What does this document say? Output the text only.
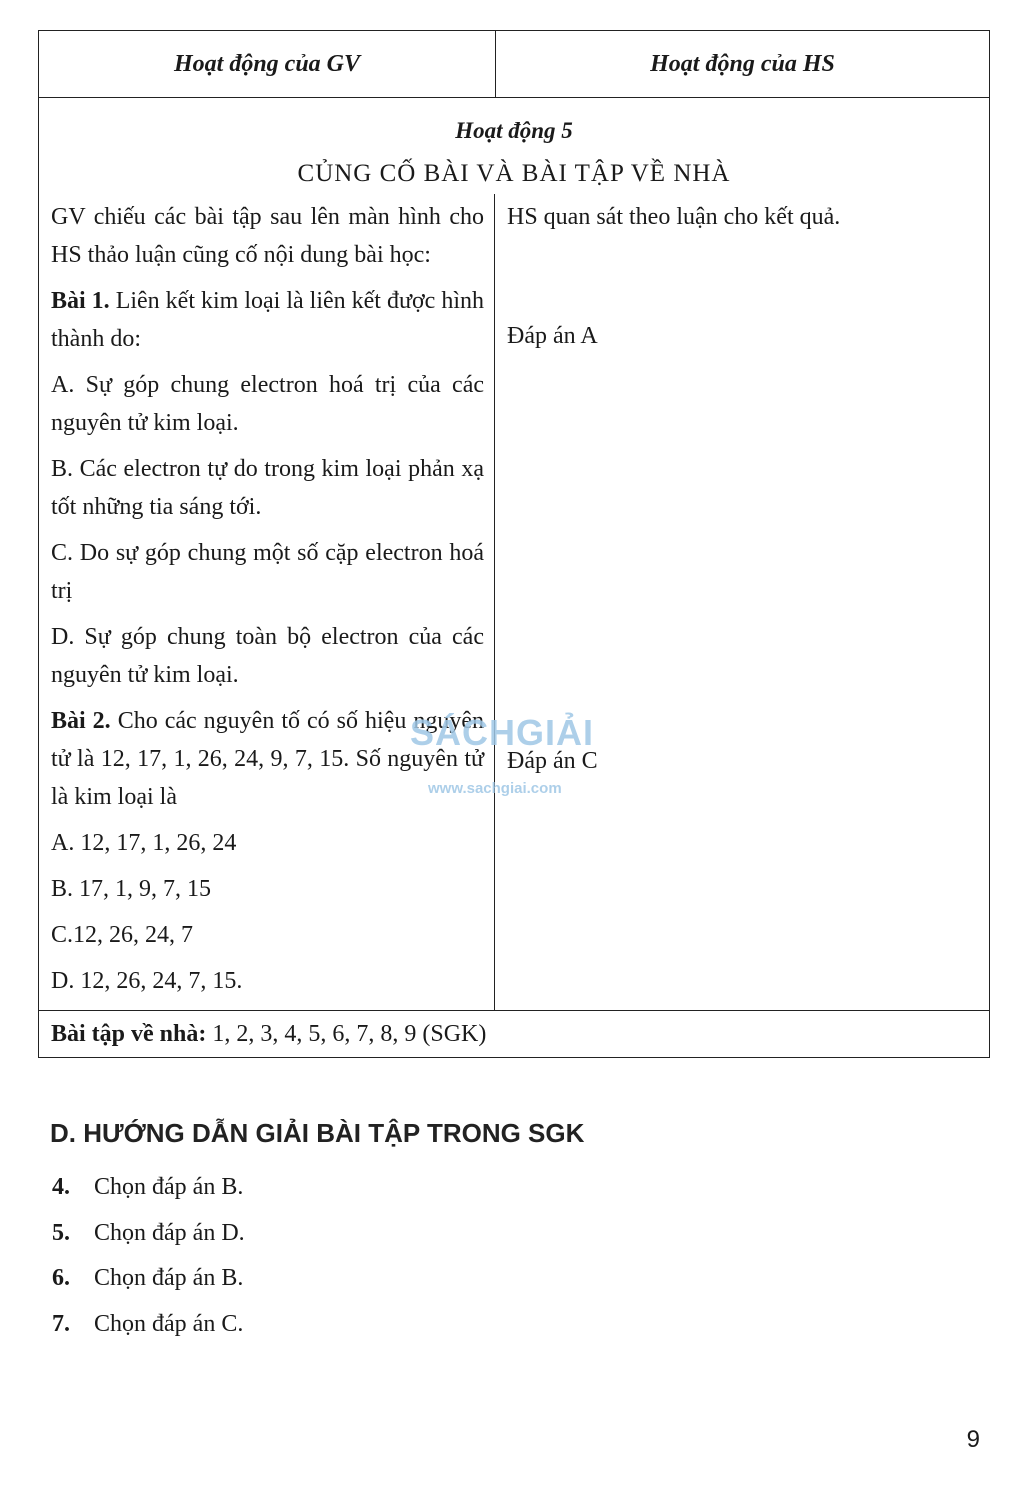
Hoạt động của GV	Hoạt động của HS
Hoạt động 5
CỦNG CỐ BÀI VÀ BÀI TẬP VỀ NHÀ

GV chiếu các bài tập sau lên màn hình cho HS thảo luận cũng cố nội dung bài học:

Bài 1. Liên kết kim loại là liên kết được hình thành do:

A. Sự góp chung electron hoá trị của các nguyên tử kim loại.

B. Các electron tự do trong kim loại phản xạ tốt những tia sáng tới.

C. Do sự góp chung một số cặp electron hoá trị

D. Sự góp chung toàn bộ electron của các nguyên tử kim loại.

Bài 2. Cho các nguyên tố có số hiệu nguyên tử là 12, 17, 1, 26, 24, 9, 7, 15. Số nguyên tử là kim loại là

A. 12, 17, 1, 26, 24

B. 17, 1, 9, 7, 15

C.12, 26, 24, 7

D. 12, 26, 24, 7, 15.

HS quan sát theo luận cho kết quả.
Đáp án A
Đáp án C
Bài tập về nhà: 1, 2, 3, 4, 5, 6, 7, 8, 9 (SGK)
SÁCHGIẢI
www.sachgiai.com
D. HƯỚNG DẪN GIẢI BÀI TẬP TRONG SGK
4. Chọn đáp án B.
5. Chọn đáp án D.
6. Chọn đáp án B.
7. Chọn đáp án C.
9
